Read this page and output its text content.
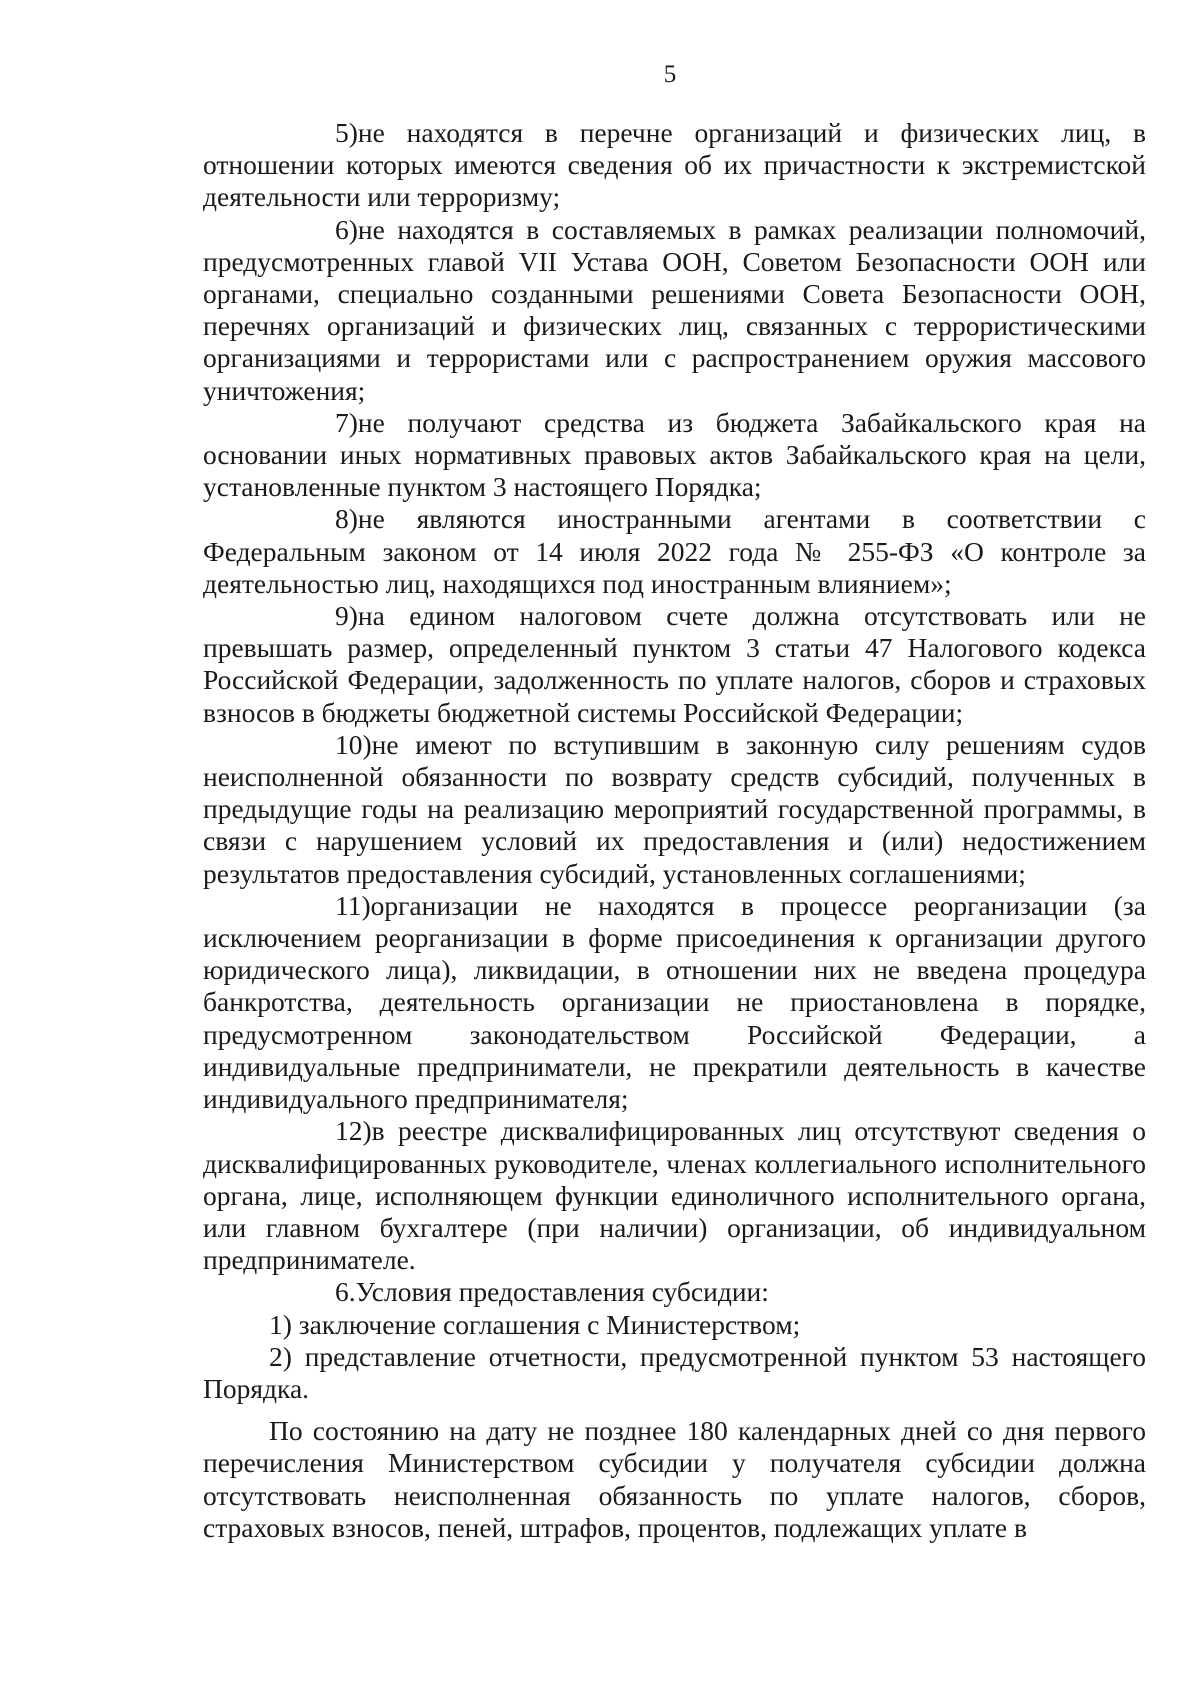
5

5)не находятся в перечне организаций и физических лиц, в отношении которых имеются сведения об их причастности к экстремистской деятельности или терроризму;

6)не находятся в составляемых в рамках реализации полномочий, предусмотренных главой VII Устава ООН, Советом Безопасности ООН или органами, специально созданными решениями Совета Безопасности ООН, перечнях организаций и физических лиц, связанных с террористическими организациями и террористами или с распространением оружия массового уничтожения;

7)не получают средства из бюджета Забайкальского края на основании иных нормативных правовых актов Забайкальского края на цели, установленные пунктом 3 настоящего Порядка;

8)не являются иностранными агентами в соответствии с Федеральным законом от 14 июля 2022 года № 255-ФЗ «О контроле за деятельностью лиц, находящихся под иностранным влиянием»;

9)на едином налоговом счете должна отсутствовать или не превышать размер, определенный пунктом 3 статьи 47 Налогового кодекса Российской Федерации, задолженность по уплате налогов, сборов и страховых взносов в бюджеты бюджетной системы Российской Федерации;

10)не имеют по вступившим в законную силу решениям судов неисполненной обязанности по возврату средств субсидий, полученных в предыдущие годы на реализацию мероприятий государственной программы, в связи с нарушением условий их предоставления и (или) недостижением результатов предоставления субсидий, установленных соглашениями;

11)организации не находятся в процессе реорганизации (за исключением реорганизации в форме присоединения к организации другого юридического лица), ликвидации, в отношении них не введена процедура банкротства, деятельность организации не приостановлена в порядке, предусмотренном законодательством Российской Федерации, а индивидуальные предприниматели, не прекратили деятельность в качестве индивидуального предпринимателя;

12)в реестре дисквалифицированных лиц отсутствуют сведения о дисквалифицированных руководителе, членах коллегиального исполнительного органа, лице, исполняющем функции единоличного исполнительного органа, или главном бухгалтере (при наличии) организации, об индивидуальном предпринимателе.

6.Условия предоставления субсидии:

1) заключение соглашения с Министерством;

2) представление отчетности, предусмотренной пунктом 53 настоящего Порядка.

По состоянию на дату не позднее 180 календарных дней со дня первого перечисления Министерством субсидии у получателя субсидии должна отсутствовать неисполненная обязанность по уплате налогов, сборов, страховых взносов, пеней, штрафов, процентов, подлежащих уплате в
